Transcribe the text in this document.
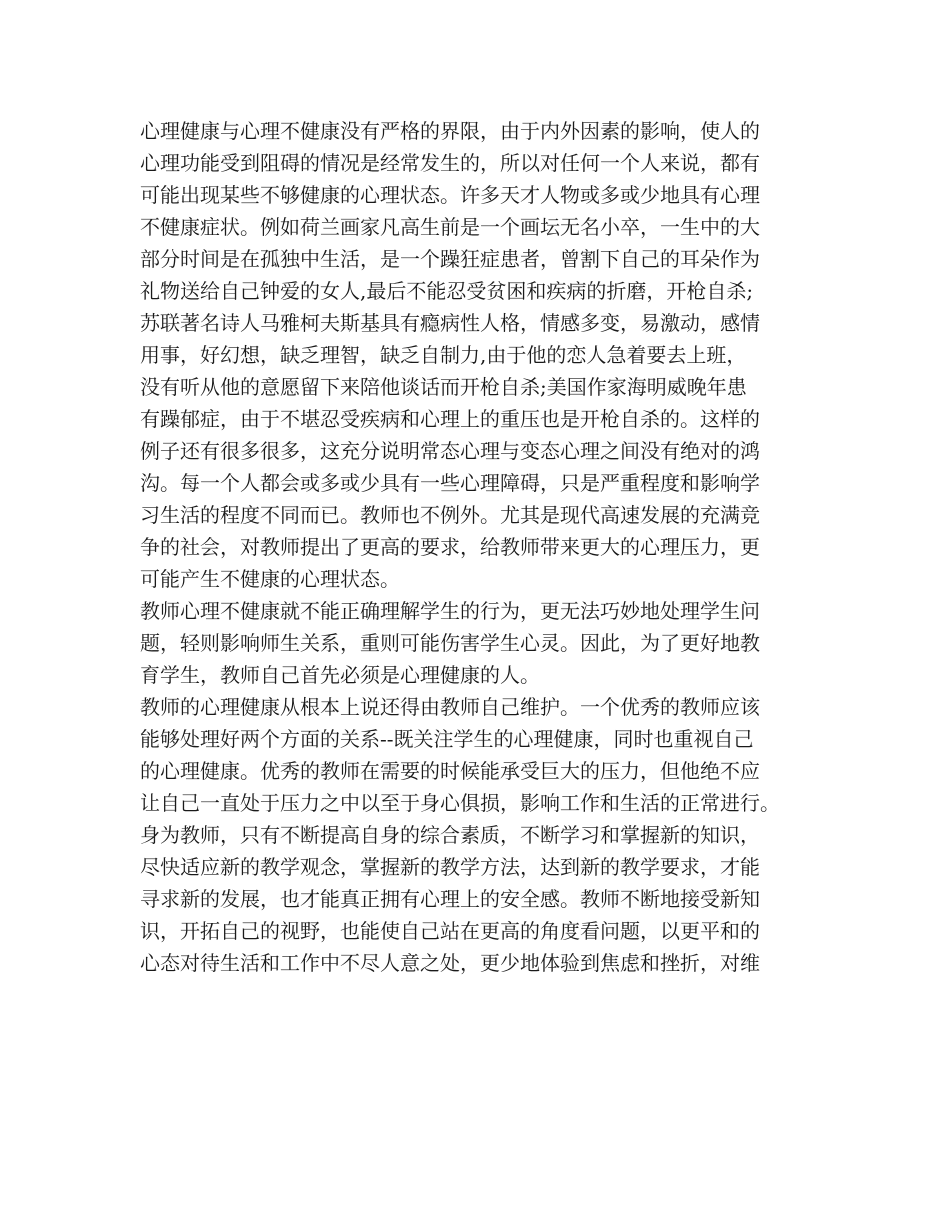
心理健康与心理不健康没有严格的界限，由于内外因素的影响，使人的
心理功能受到阻碍的情况是经常发生的，所以对任何一个人来说，都有
可能出现某些不够健康的心理状态。许多天才人物或多或少地具有心理
不健康症状。例如荷兰画家凡高生前是一个画坛无名小卒，一生中的大
部分时间是在孤独中生活，是一个躁狂症患者，曾割下自己的耳朵作为
礼物送给自己钟爱的女人,最后不能忍受贫困和疾病的折磨，开枪自杀;
苏联著名诗人马雅柯夫斯基具有瘾病性人格，情感多变，易激动，感情
用事，好幻想，缺乏理智，缺乏自制力,由于他的恋人急着要去上班，
没有听从他的意愿留下来陪他谈话而开枪自杀;美国作家海明威晚年患
有躁郁症，由于不堪忍受疾病和心理上的重压也是开枪自杀的。这样的
例子还有很多很多，这充分说明常态心理与变态心理之间没有绝对的鸿
沟。每一个人都会或多或少具有一些心理障碍，只是严重程度和影响学
习生活的程度不同而已。教师也不例外。尤其是现代高速发展的充满竞
争的社会，对教师提出了更高的要求，给教师带来更大的心理压力，更
可能产生不健康的心理状态。
教师心理不健康就不能正确理解学生的行为，更无法巧妙地处理学生问
题，轻则影响师生关系，重则可能伤害学生心灵。因此，为了更好地教
育学生，教师自己首先必须是心理健康的人。
教师的心理健康从根本上说还得由教师自己维护。一个优秀的教师应该
能够处理好两个方面的关系--既关注学生的心理健康，同时也重视自己
的心理健康。优秀的教师在需要的时候能承受巨大的压力，但他绝不应
让自己一直处于压力之中以至于身心俱损，影响工作和生活的正常进行。
身为教师，只有不断提高自身的综合素质，不断学习和掌握新的知识，
尽快适应新的教学观念，掌握新的教学方法，达到新的教学要求，才能
寻求新的发展，也才能真正拥有心理上的安全感。教师不断地接受新知
识，开拓自己的视野，也能使自己站在更高的角度看问题，以更平和的
心态对待生活和工作中不尽人意之处，更少地体验到焦虑和挫折，对维
